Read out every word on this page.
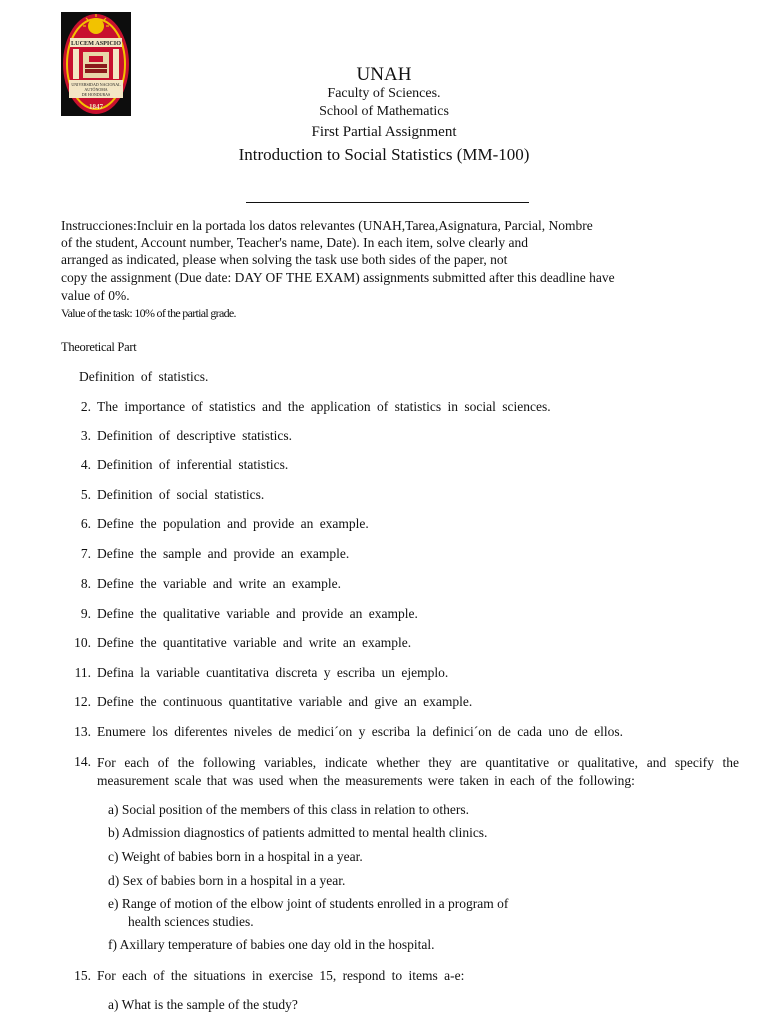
LUCEM ASPICIO
UNIVERSIDAD NACIONAL
AUTÓNOMA
DE HONDURAS
1847
UNAH
Faculty of Sciences.
School of Mathematics
First Partial Assignment
Introduction to Social Statistics (MM-100)
Instrucciones:Incluir en la portada los datos relevantes (UNAH,Tarea,Asignatura, Parcial, Nombre
of the student, Account number, Teacher's name, Date). In each item, solve clearly and
arranged as indicated, please when solving the task use both sides of the paper, not
copy the assignment (Due date: DAY OF THE EXAM) assignments submitted after this deadline have
value of 0%.
Value of the task: 10% of the partial grade.
Theoretical Part
Definition of statistics.
2. The importance of statistics and the application of statistics in social sciences.
3. Definition of descriptive statistics.
4. Definition of inferential statistics.
5. Definition of social statistics.
6. Define the population and provide an example.
7. Define the sample and provide an example.
8. Define the variable and write an example.
9. Define the qualitative variable and provide an example.
10. Define the quantitative variable and write an example.
11. Defina la variable cuantitativa discreta y escriba un ejemplo.
12. Define the continuous quantitative variable and give an example.
13. Enumere los diferentes niveles de medici´on y escriba la definici´on de cada uno de ellos.
14. For each of the following variables, indicate whether they are quantitative or qualitative, and specify the measurement scale that was used when the measurements were taken in each of the following:
a) Social position of the members of this class in relation to others.
b) Admission diagnostics of patients admitted to mental health clinics.
c) Weight of babies born in a hospital in a year.
d) Sex of babies born in a hospital in a year.
e) Range of motion of the elbow joint of students enrolled in a program of
health sciences studies.
f) Axillary temperature of babies one day old in the hospital.
15. For each of the situations in exercise 15, respond to items a-e:
a) What is the sample of the study?
